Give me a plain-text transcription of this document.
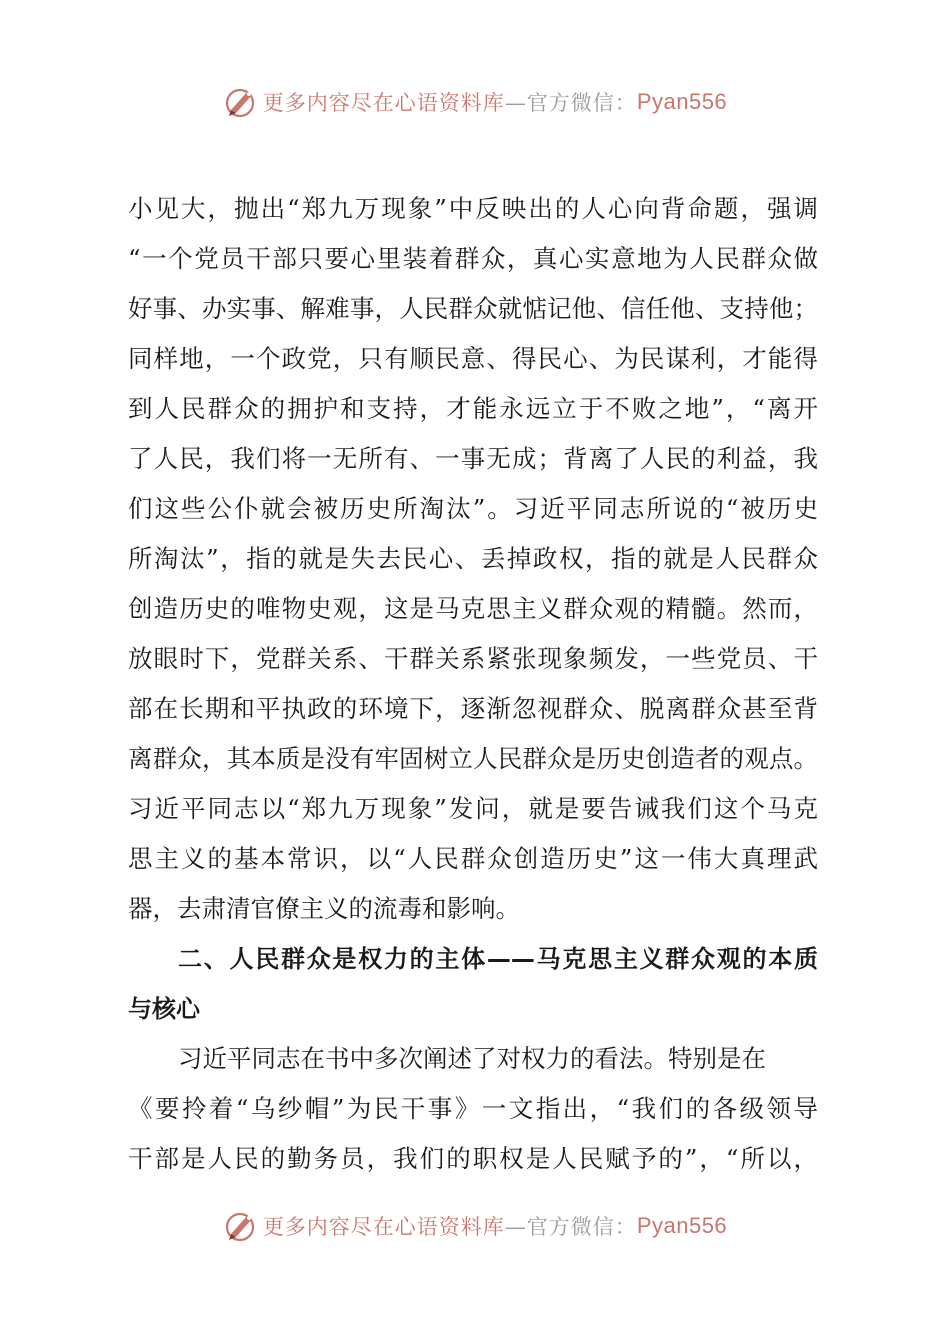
更多内容尽在心语资料库 —官方微信： Pyan556
小见大，抛出“郑九万现象”中反映出的人心向背命题，强调
“一个党员干部只要心里装着群众，真心实意地为人民群众做
好事、办实事、解难事，人民群众就惦记他、信任他、支持他；
同样地，一个政党，只有顺民意、得民心、为民谋利，才能得
到人民群众的拥护和支持，才能永远立于不败之地”，“离开
了人民，我们将一无所有、一事无成；背离了人民的利益，我
们这些公仆就会被历史所淘汰”。习近平同志所说的“被历史
所淘汰”，指的就是失去民心、丢掉政权，指的就是人民群众
创造历史的唯物史观，这是马克思主义群众观的精髓。然而，
放眼时下，党群关系、干群关系紧张现象频发，一些党员、干
部在长期和平执政的环境下，逐渐忽视群众、脱离群众甚至背
离群众，其本质是没有牢固树立人民群众是历史创造者的观点。
习近平同志以“郑九万现象”发问，就是要告诫我们这个马克
思主义的基本常识，以“人民群众创造历史”这一伟大真理武
器，去肃清官僚主义的流毒和影响。
二、人民群众是权力的主体——马克思主义群众观的本质
与核心
习近平同志在书中多次阐述了对权力的看法。特别是在
《要拎着“乌纱帽”为民干事》一文指出，“我们的各级领导
干部是人民的勤务员，我们的职权是人民赋予的”，“所以，
更多内容尽在心语资料库 —官方微信： Pyan556
